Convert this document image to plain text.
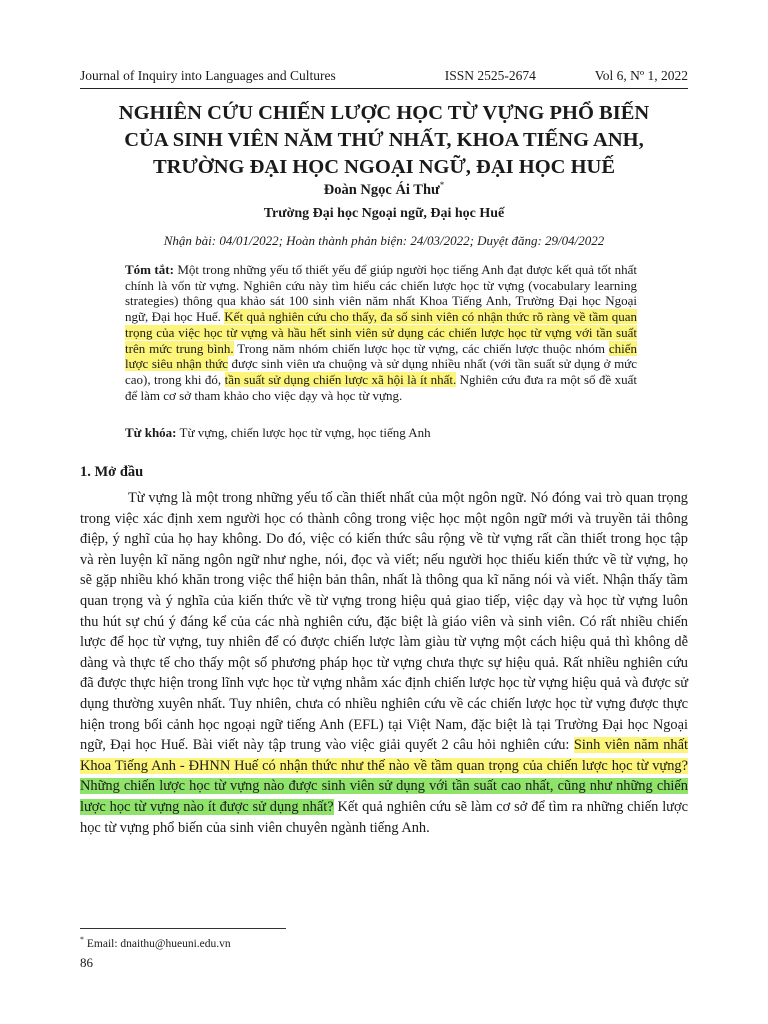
Journal of Inquiry into Languages and Cultures	ISSN 2525-2674	Vol 6, Nº 1, 2022
NGHIÊN CỨU CHIẾN LƯỢC HỌC TỪ VỰNG PHỔ BIẾN
CỦA SINH VIÊN NĂM THỨ NHẤT, KHOA TIẾNG ANH,
TRƯỜNG ĐẠI HỌC NGOẠI NGỮ, ĐẠI HỌC HUẾ
Đoàn Ngọc Ái Thư*
Trường Đại học Ngoại ngữ, Đại học Huế
Nhận bài: 04/01/2022; Hoàn thành phản biện: 24/03/2022; Duyệt đăng: 29/04/2022
Tóm tắt: Một trong những yếu tố thiết yếu để giúp người học tiếng Anh đạt được kết quả tốt nhất chính là vốn từ vựng. Nghiên cứu này tìm hiểu các chiến lược học từ vựng (vocabulary learning strategies) thông qua khảo sát 100 sinh viên năm nhất Khoa Tiếng Anh, Trường Đại học Ngoại ngữ, Đại học Huế. Kết quả nghiên cứu cho thấy, đa số sinh viên có nhận thức rõ ràng về tầm quan trọng của việc học từ vựng và hầu hết sinh viên sử dụng các chiến lược học từ vựng với tần suất trên mức trung bình. Trong năm nhóm chiến lược học từ vựng, các chiến lược thuộc nhóm chiến lược siêu nhận thức được sinh viên ưa chuộng và sử dụng nhiều nhất (với tần suất sử dụng ở mức cao), trong khi đó, tần suất sử dụng chiến lược xã hội là ít nhất. Nghiên cứu đưa ra một số đề xuất để làm cơ sở tham khảo cho việc dạy và học từ vựng.
Từ khóa: Từ vựng, chiến lược học từ vựng, học tiếng Anh
1. Mở đầu

Từ vựng là một trong những yếu tố cần thiết nhất của một ngôn ngữ. Nó đóng vai trò quan trọng trong việc xác định xem người học có thành công trong việc học một ngôn ngữ mới và truyền tải thông điệp, ý nghĩ của họ hay không. Do đó, việc có kiến thức sâu rộng về từ vựng rất cần thiết trong học tập và rèn luyện kĩ năng ngôn ngữ như nghe, nói, đọc và viết; nếu người học thiếu kiến thức về từ vựng, họ sẽ gặp nhiều khó khăn trong việc thể hiện bản thân, nhất là thông qua kĩ năng nói và viết. Nhận thấy tầm quan trọng và ý nghĩa của kiến thức về từ vựng trong hiệu quả giao tiếp, việc dạy và học từ vựng luôn thu hút sự chú ý đáng kể của các nhà nghiên cứu, đặc biệt là giáo viên và sinh viên. Có rất nhiều chiến lược để học từ vựng, tuy nhiên để có được chiến lược làm giàu từ vựng một cách hiệu quả thì không dễ dàng và thực tế cho thấy một số phương pháp học từ vựng chưa thực sự hiệu quả. Rất nhiều nghiên cứu đã được thực hiện trong lĩnh vực học từ vựng nhằm xác định chiến lược học từ vựng hiệu quả và được sử dụng thường xuyên nhất. Tuy nhiên, chưa có nhiều nghiên cứu về các chiến lược học từ vựng được thực hiện trong bối cảnh học ngoại ngữ tiếng Anh (EFL) tại Việt Nam, đặc biệt là tại Trường Đại học Ngoại ngữ, Đại học Huế. Bài viết này tập trung vào việc giải quyết 2 câu hỏi nghiên cứu: Sinh viên năm nhất Khoa Tiếng Anh - ĐHNN Huế có nhận thức như thế nào về tầm quan trọng của chiến lược học từ vựng? Những chiến lược học từ vựng nào được sinh viên sử dụng với tần suất cao nhất, cũng như những chiến lược học từ vựng nào ít được sử dụng nhất? Kết quả nghiên cứu sẽ làm cơ sở để tìm ra những chiến lược học từ vựng phổ biến của sinh viên chuyên ngành tiếng Anh.

* Email: dnaithu@hueuni.edu.vn
86
